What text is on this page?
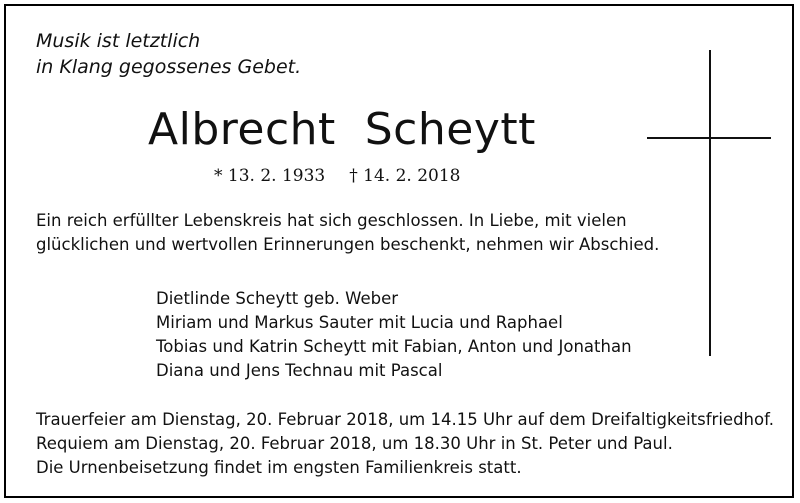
Musik ist letztlich
in Klang gegossenes Gebet.
Albrecht  Scheytt
* 13. 2. 1933 † 14. 2. 2018
Ein reich erfüllter Lebenskreis hat sich geschlossen. In Liebe, mit vielen
glücklichen und wertvollen Erinnerungen beschenkt, nehmen wir Abschied.
Dietlinde Scheytt geb. Weber
Miriam und Markus Sauter mit Lucia und Raphael
Tobias und Katrin Scheytt mit Fabian, Anton und Jonathan
Diana und Jens Technau mit Pascal
Trauerfeier am Dienstag, 20. Februar 2018, um 14.15 Uhr auf dem Dreifaltigkeitsfriedhof.
Requiem am Dienstag, 20. Februar 2018, um 18.30 Uhr in St. Peter und Paul.
Die Urnenbeisetzung findet im engsten Familienkreis statt.
